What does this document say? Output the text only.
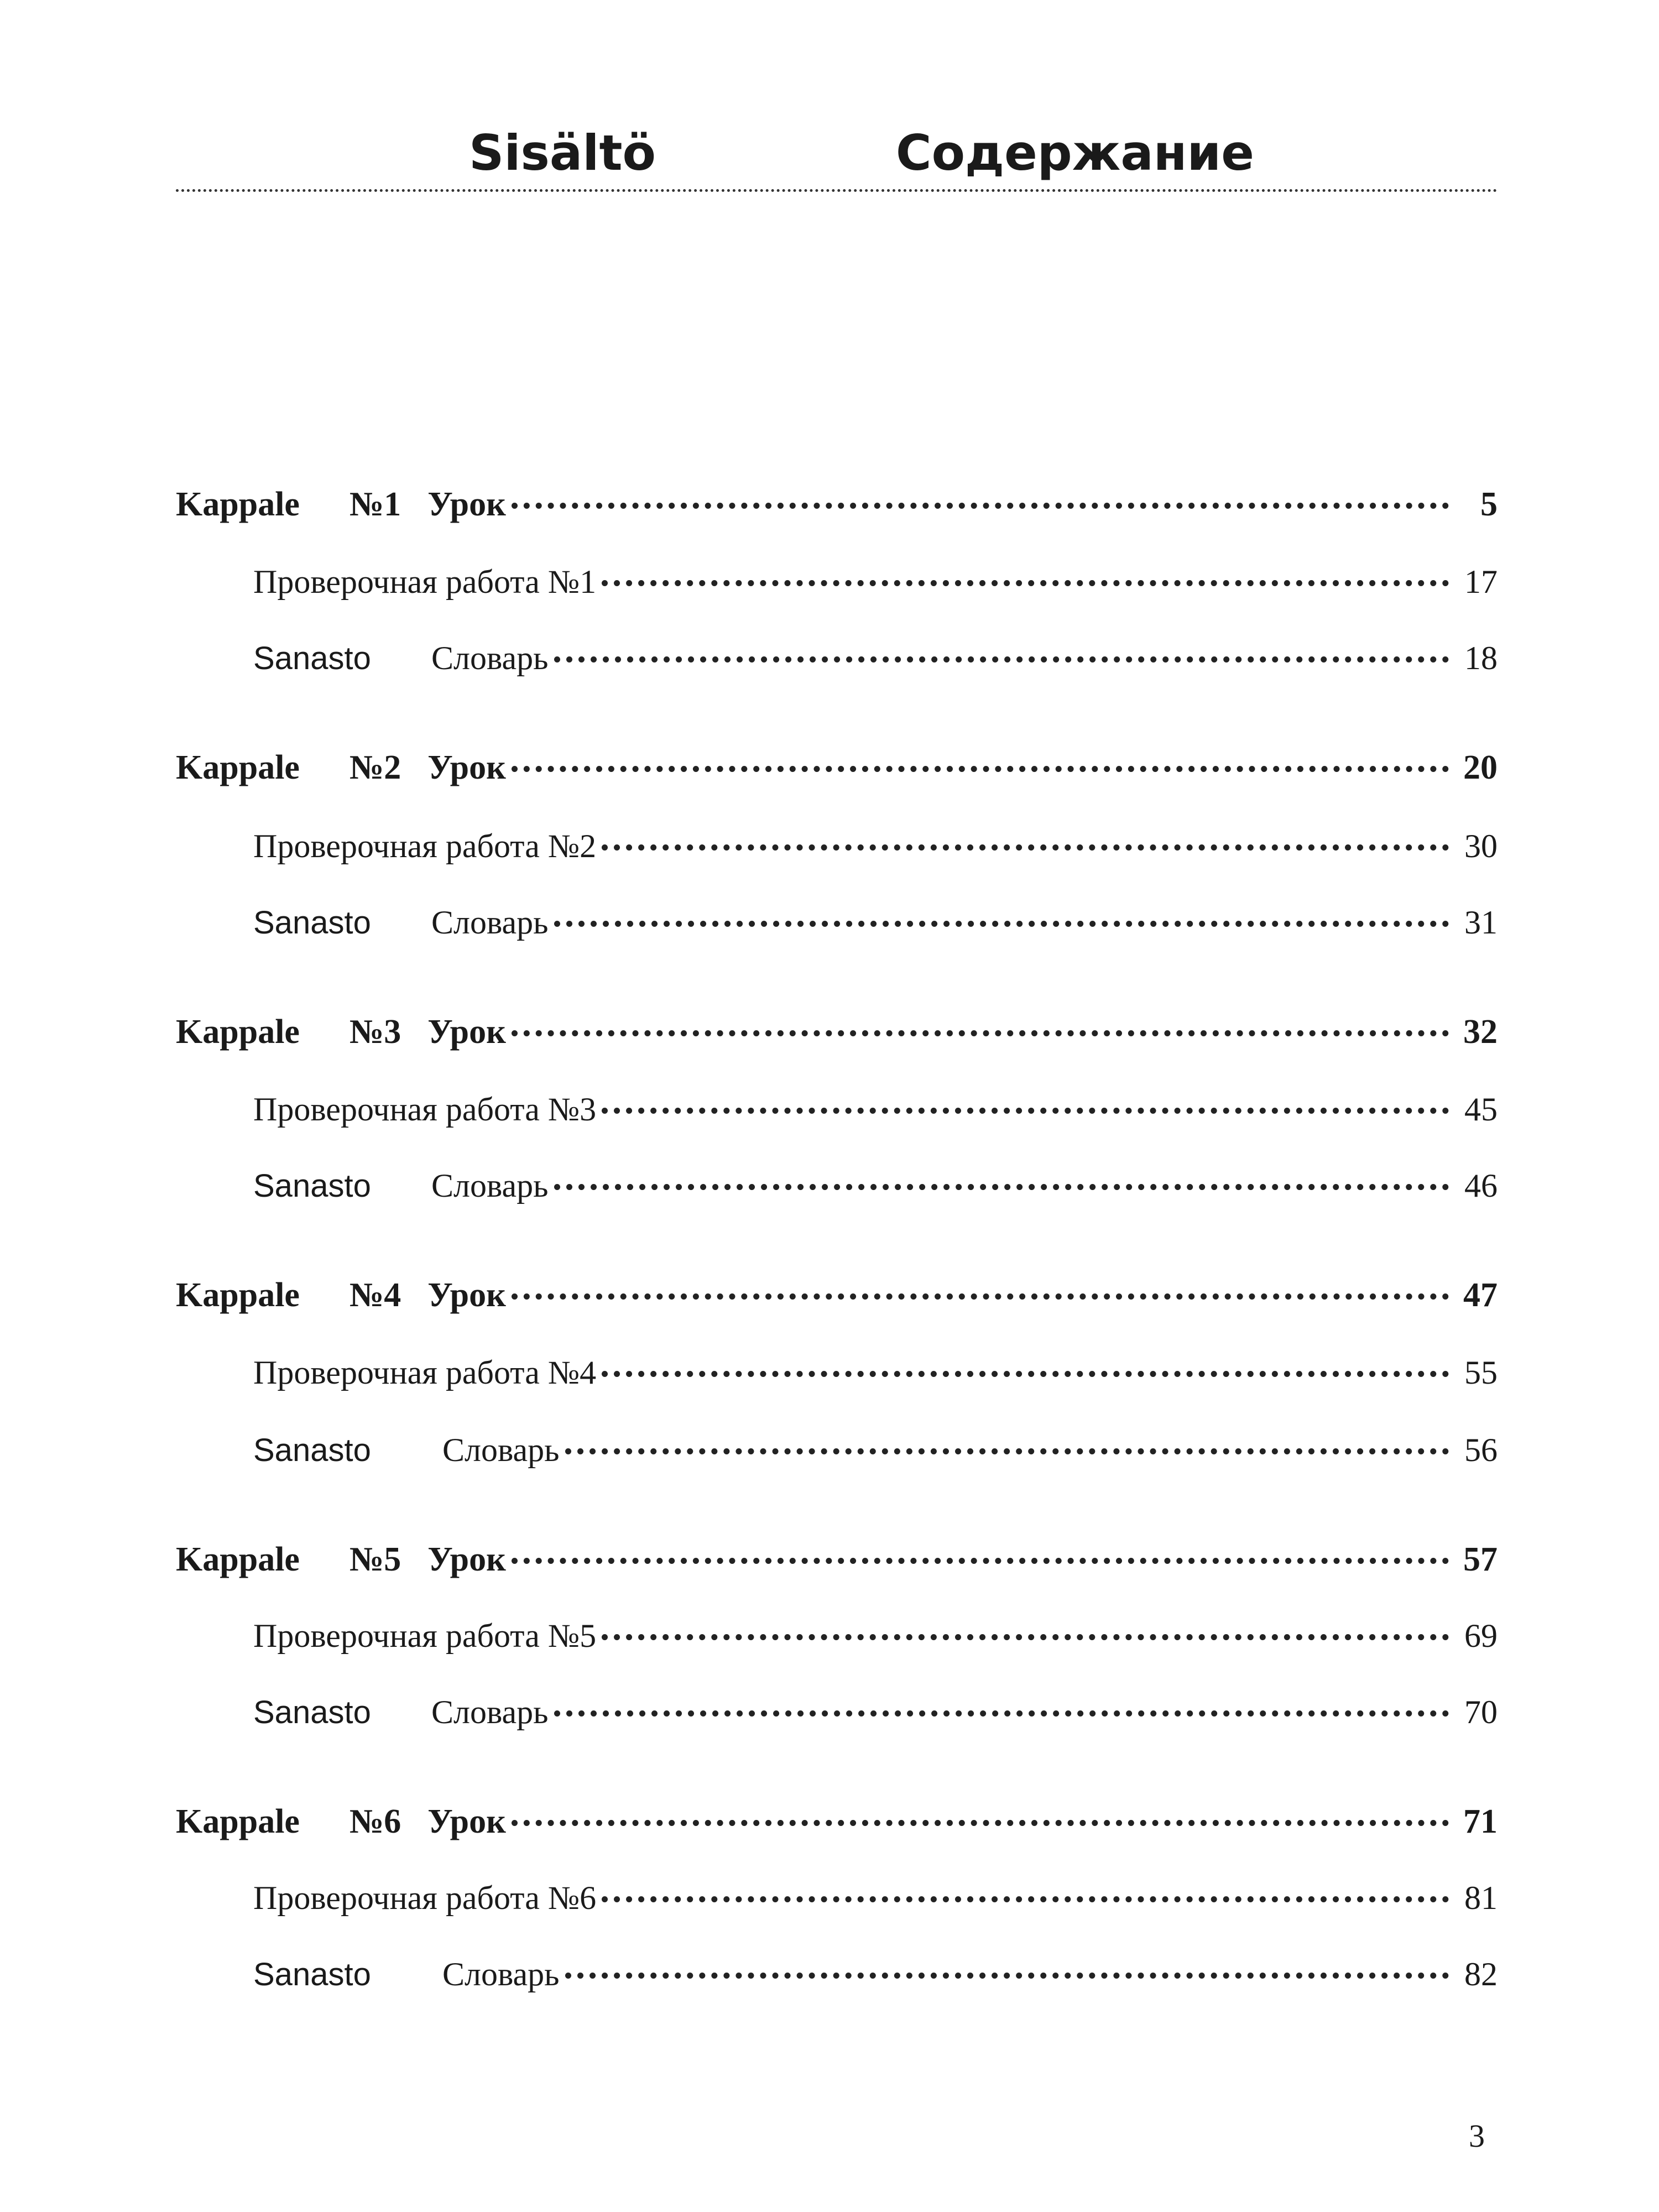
Sisältö	Содержание
Kappale №1 Урок	5
Проверочная работа №1	17
Sanasto	Словарь	18
Kappale №2 Урок	20
Проверочная работа №2	30
Sanasto	Словарь	31
Kappale №3 Урок	32
Проверочная работа №3	45
Sanasto	Словарь	46
Kappale №4 Урок	47
Проверочная работа №4	55
Sanasto	Словарь	56
Kappale №5 Урок	57
Проверочная работа №5	69
Sanasto	Словарь	70
Kappale №6 Урок	71
Проверочная работа №6	81
Sanasto	Словарь	82
3
